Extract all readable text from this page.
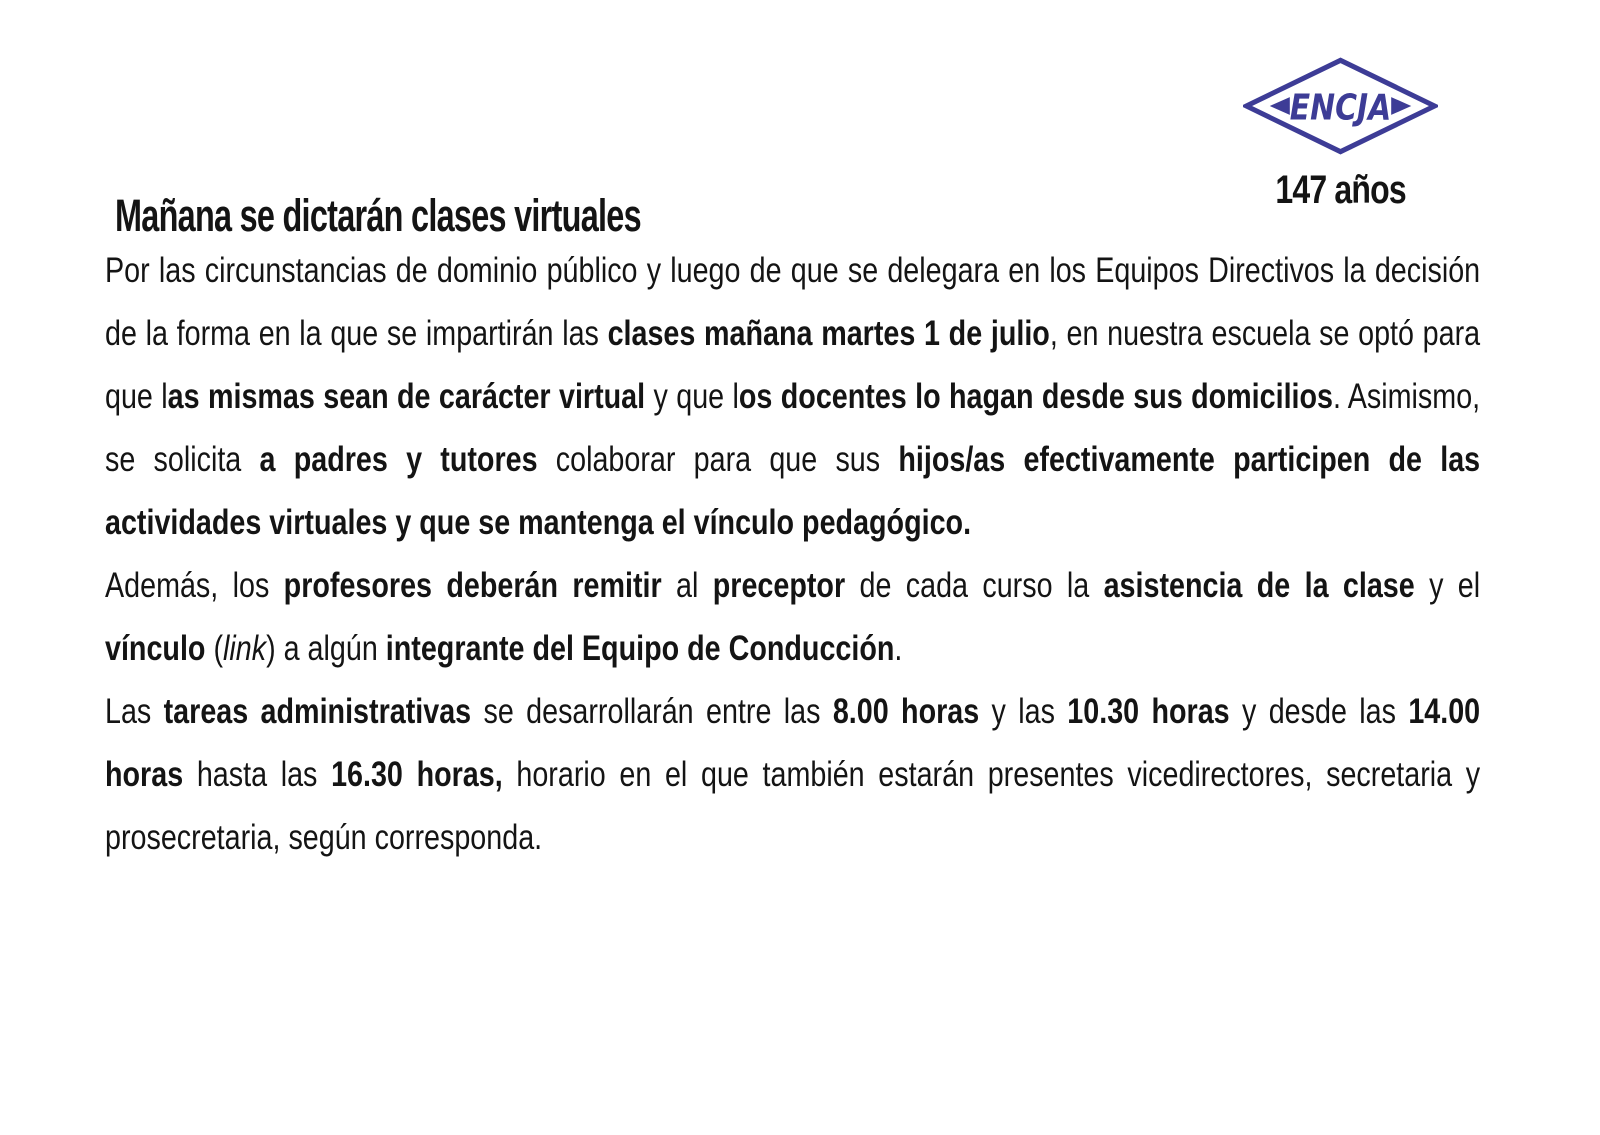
ENCJA
147 años
Mañana se dictarán clases virtuales

Por las circunstancias de dominio público y luego de que se delegara en los Equipos Directivos la decisión de la forma en la que se impartirán las clases mañana martes 1 de julio, en nuestra escuela se optó para que las mismas sean de carácter virtual y que los docentes lo hagan desde sus domicilios. Asimismo, se solicita a padres y tutores colaborar para que sus hijos/as efectivamente participen de las actividades virtuales y que se mantenga el vínculo pedagógico.

Además, los profesores deberán remitir al preceptor de cada curso la asistencia de la clase y el vínculo (link) a algún integrante del Equipo de Conducción.

Las tareas administrativas se desarrollarán entre las 8.00 horas y las 10.30 horas y desde las 14.00 horas hasta las 16.30 horas, horario en el que también estarán presentes vicedirectores, secretaria y prosecretaria, según corresponda.
